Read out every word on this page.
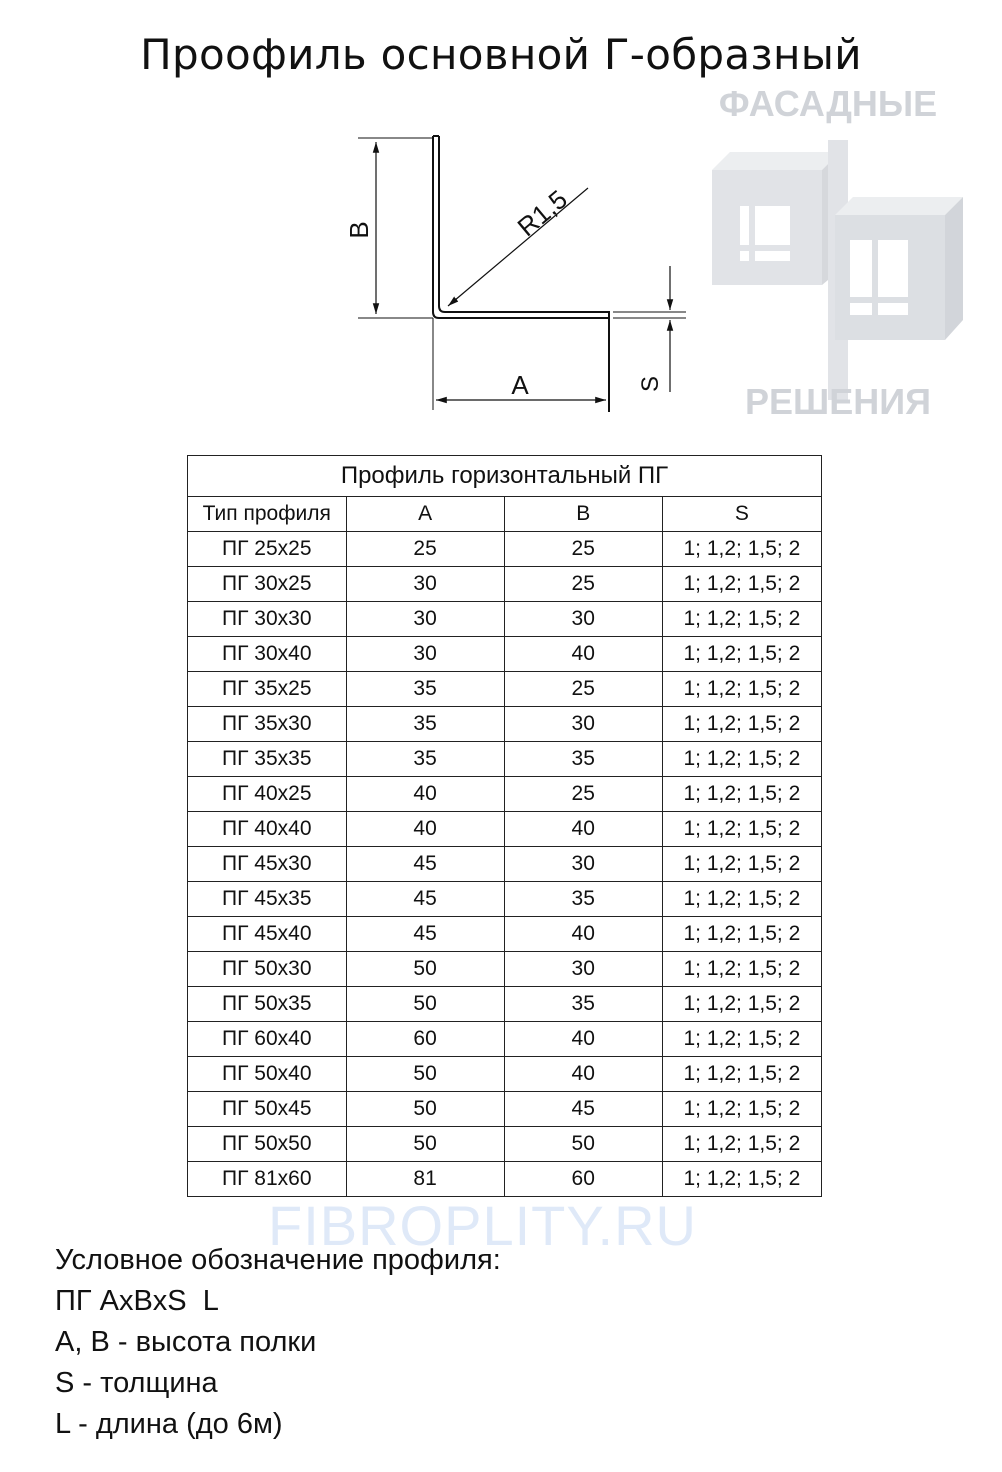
Проофиль основной Г-образный
B
A	S
R1,5
ФАСАДНЫЕ
РЕШЕНИЯ
Профиль горизонтальный ПГ			
Тип профиля	A	B	S
ПГ 25х25	25	25	1; 1,2; 1,5; 2
ПГ 30х25	30	25	1; 1,2; 1,5; 2
ПГ 30х30	30	30	1; 1,2; 1,5; 2
ПГ 30х40	30	40	1; 1,2; 1,5; 2
ПГ 35х25	35	25	1; 1,2; 1,5; 2
ПГ 35х30	35	30	1; 1,2; 1,5; 2
ПГ 35х35	35	35	1; 1,2; 1,5; 2
ПГ 40х25	40	25	1; 1,2; 1,5; 2
ПГ 40х40	40	40	1; 1,2; 1,5; 2
ПГ 45х30	45	30	1; 1,2; 1,5; 2
ПГ 45х35	45	35	1; 1,2; 1,5; 2
ПГ 45х40	45	40	1; 1,2; 1,5; 2
ПГ 50х30	50	30	1; 1,2; 1,5; 2
ПГ 50х35	50	35	1; 1,2; 1,5; 2
ПГ 60х40	60	40	1; 1,2; 1,5; 2
ПГ 50х40	50	40	1; 1,2; 1,5; 2
ПГ 50х45	50	45	1; 1,2; 1,5; 2
ПГ 50х50	50	50	1; 1,2; 1,5; 2
ПГ 81х60	81	60	1; 1,2; 1,5; 2
FIBROPLITY.RU
Условное обозначение профиля:
ПГ AxBxS  L
A, B - высота полки
S - толщина
L - длина (до 6м)
